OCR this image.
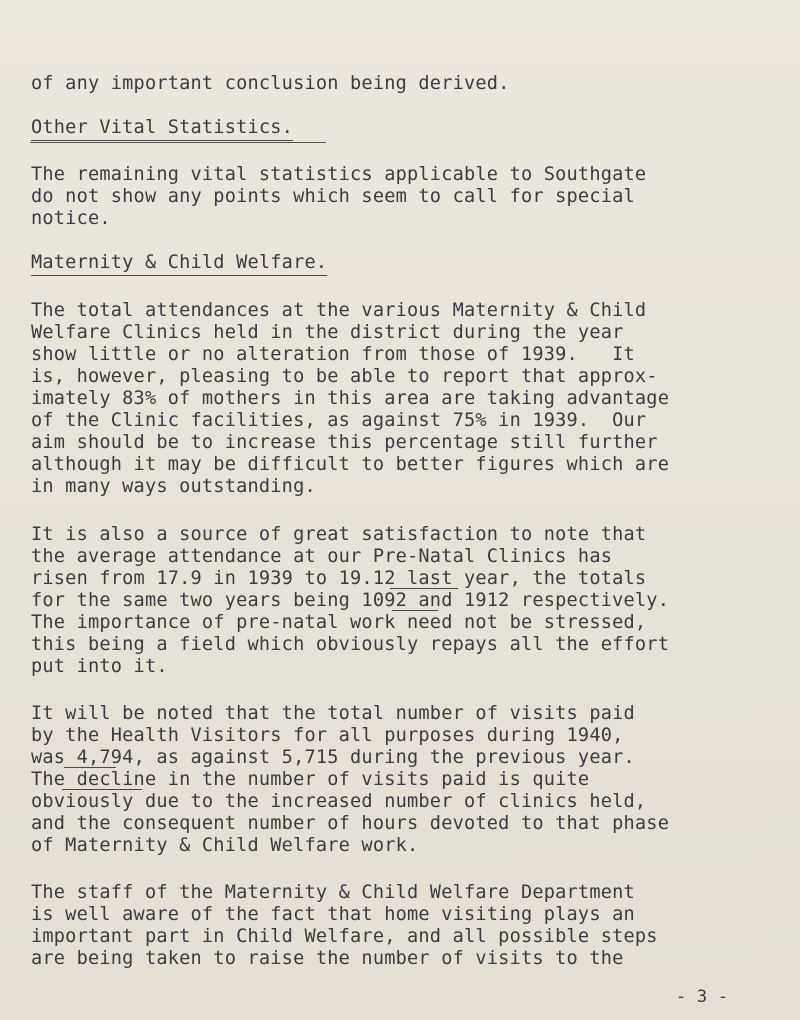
of any important conclusion being derived.
Other Vital Statistics.
The remaining vital statistics applicable to Southgate
do not show any points which seem to call for special
notice.
Maternity & Child Welfare.
The total attendances at the various Maternity & Child
Welfare Clinics held in the district during the year
show little or no alteration from those of 1939.   It
is, however, pleasing to be able to report that approx-
imately 83% of mothers in this area are taking advantage
of the Clinic facilities, as against 75% in 1939.  Our
aim should be to increase this percentage still further
although it may be difficult to better figures which are
in many ways outstanding.
It is also a source of great satisfaction to note that
the average attendance at our Pre-Natal Clinics has
risen from 17.9 in 1939 to 19.12 last year, the totals
for the same two years being 1092 and 1912 respectively.
The importance of pre-natal work need not be stressed,
this being a field which obviously repays all the effort
put into it.
It will be noted that the total number of visits paid
by the Health Visitors for all purposes during 1940,
was 4,794, as against 5,715 during the previous year.
The decline in the number of visits paid is quite
obviously due to the increased number of clinics held,
and the consequent number of hours devoted to that phase
of Maternity & Child Welfare work.
The staff of the Maternity & Child Welfare Department
is well aware of the fact that home visiting plays an
important part in Child Welfare, and all possible steps
are being taken to raise the number of visits to the
- 3 -
